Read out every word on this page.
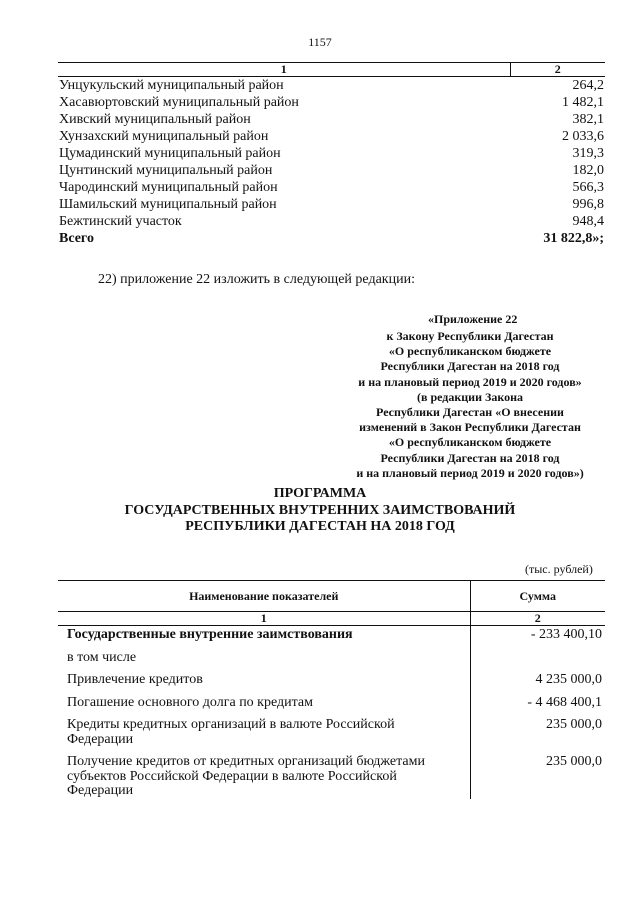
1157
1	2
Унцукульский муниципальный район	264,2
Хасавюртовский муниципальный район	1 482,1
Хивский муниципальный район	382,1
Хунзахский муниципальный район	2 033,6
Цумадинский муниципальный район	319,3
Цунтинский муниципальный район	182,0
Чародинский муниципальный район	566,3
Шамильский муниципальный район	996,8
Бежтинский участок	948,4
Всего	31 822,8»;
22) приложение 22 изложить в следующей редакции:
«Приложение 22
к Закону Республики Дагестан
«О республиканском бюджете
Республики Дагестан на 2018 год
и на плановый период 2019 и 2020 годов»
(в редакции Закона
Республики Дагестан «О внесении
изменений в Закон Республики Дагестан
«О республиканском бюджете
Республики Дагестан на 2018 год
и на плановый период 2019 и 2020 годов»)
ПРОГРАММА
ГОСУДАРСТВЕННЫХ ВНУТРЕННИХ ЗАИМСТВОВАНИЙ
РЕСПУБЛИКИ ДАГЕСТАН НА 2018 ГОД
(тыс. рублей)
Наименование показателей	Сумма
1	2
Государственные внутренние заимствования	- 233 400,10
в том числе	
Привлечение кредитов	4 235 000,0
Погашение основного долга по кредитам	- 4 468 400,1
Кредиты кредитных организаций в валюте Российской Федерации	235 000,0
Получение кредитов от кредитных организаций бюджетами субъектов Российской Федерации в валюте Российской Федерации	235 000,0
